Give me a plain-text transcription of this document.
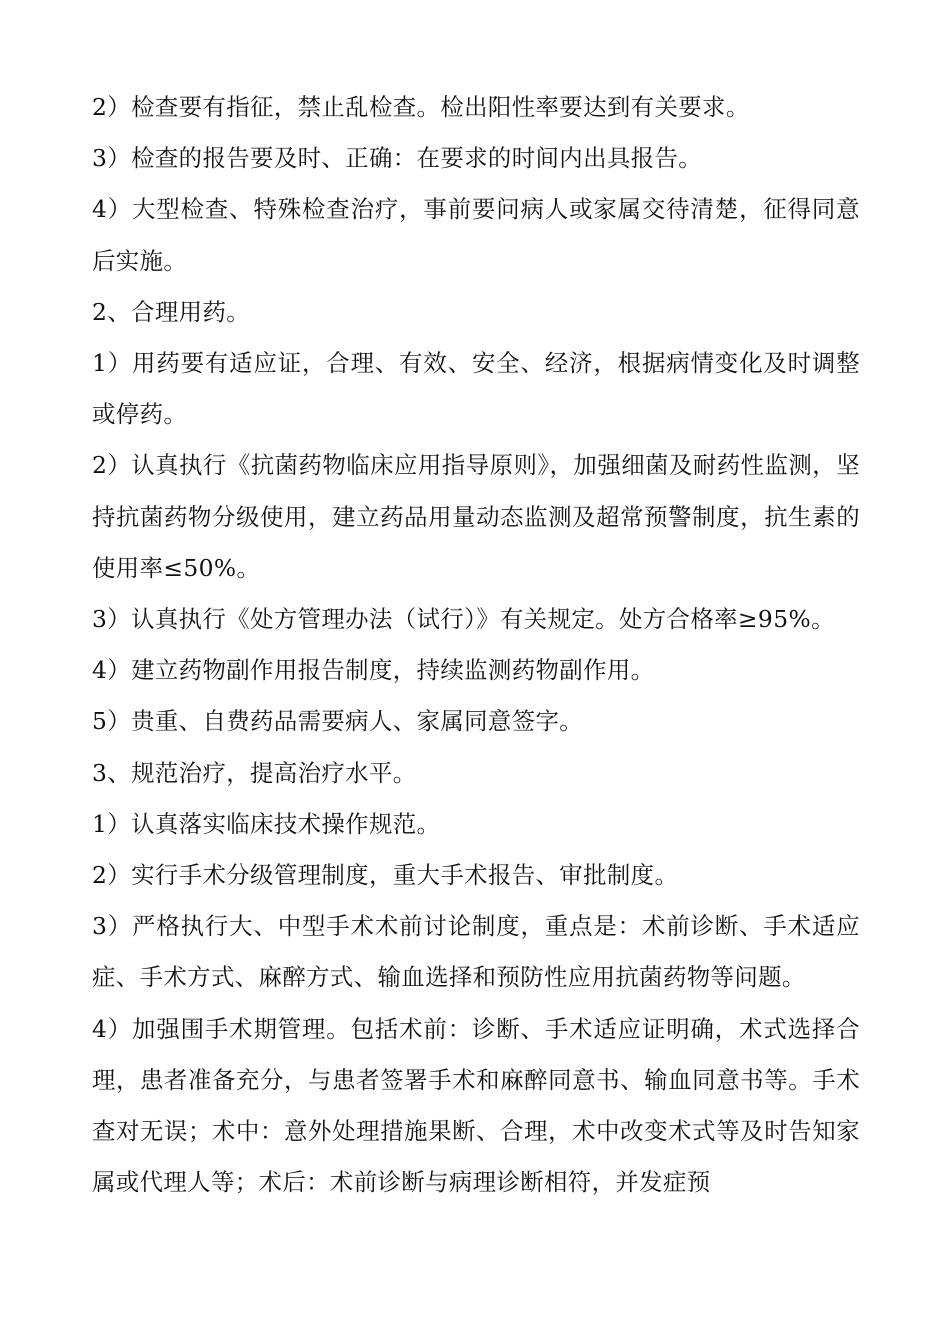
2）检查要有指征，禁止乱检查。检出阳性率要达到有关要求。

3）检查的报告要及时、正确：在要求的时间内出具报告。

4）大型检查、特殊检查治疗，事前要问病人或家属交待清楚，征得同意后实施。

2、合理用药。

1）用药要有适应证，合理、有效、安全、经济，根据病情变化及时调整或停药。

2）认真执行《抗菌药物临床应用指导原则》，加强细菌及耐药性监测，坚持抗菌药物分级使用，建立药品用量动态监测及超常预警制度，抗生素的使用率≤50%。

3）认真执行《处方管理办法（试行）》有关规定。处方合格率≥95%。

4）建立药物副作用报告制度，持续监测药物副作用。

5）贵重、自费药品需要病人、家属同意签字。

3、规范治疗，提高治疗水平。

1）认真落实临床技术操作规范。

2）实行手术分级管理制度，重大手术报告、审批制度。

3）严格执行大、中型手术术前讨论制度，重点是：术前诊断、手术适应症、手术方式、麻醉方式、输血选择和预防性应用抗菌药物等问题。

4）加强围手术期管理。包括术前：诊断、手术适应证明确，术式选择合理，患者准备充分，与患者签署手术和麻醉同意书、输血同意书等。手术查对无误；术中：意外处理措施果断、合理，术中改变术式等及时告知家属或代理人等；术后：术前诊断与病理诊断相符，并发症预
